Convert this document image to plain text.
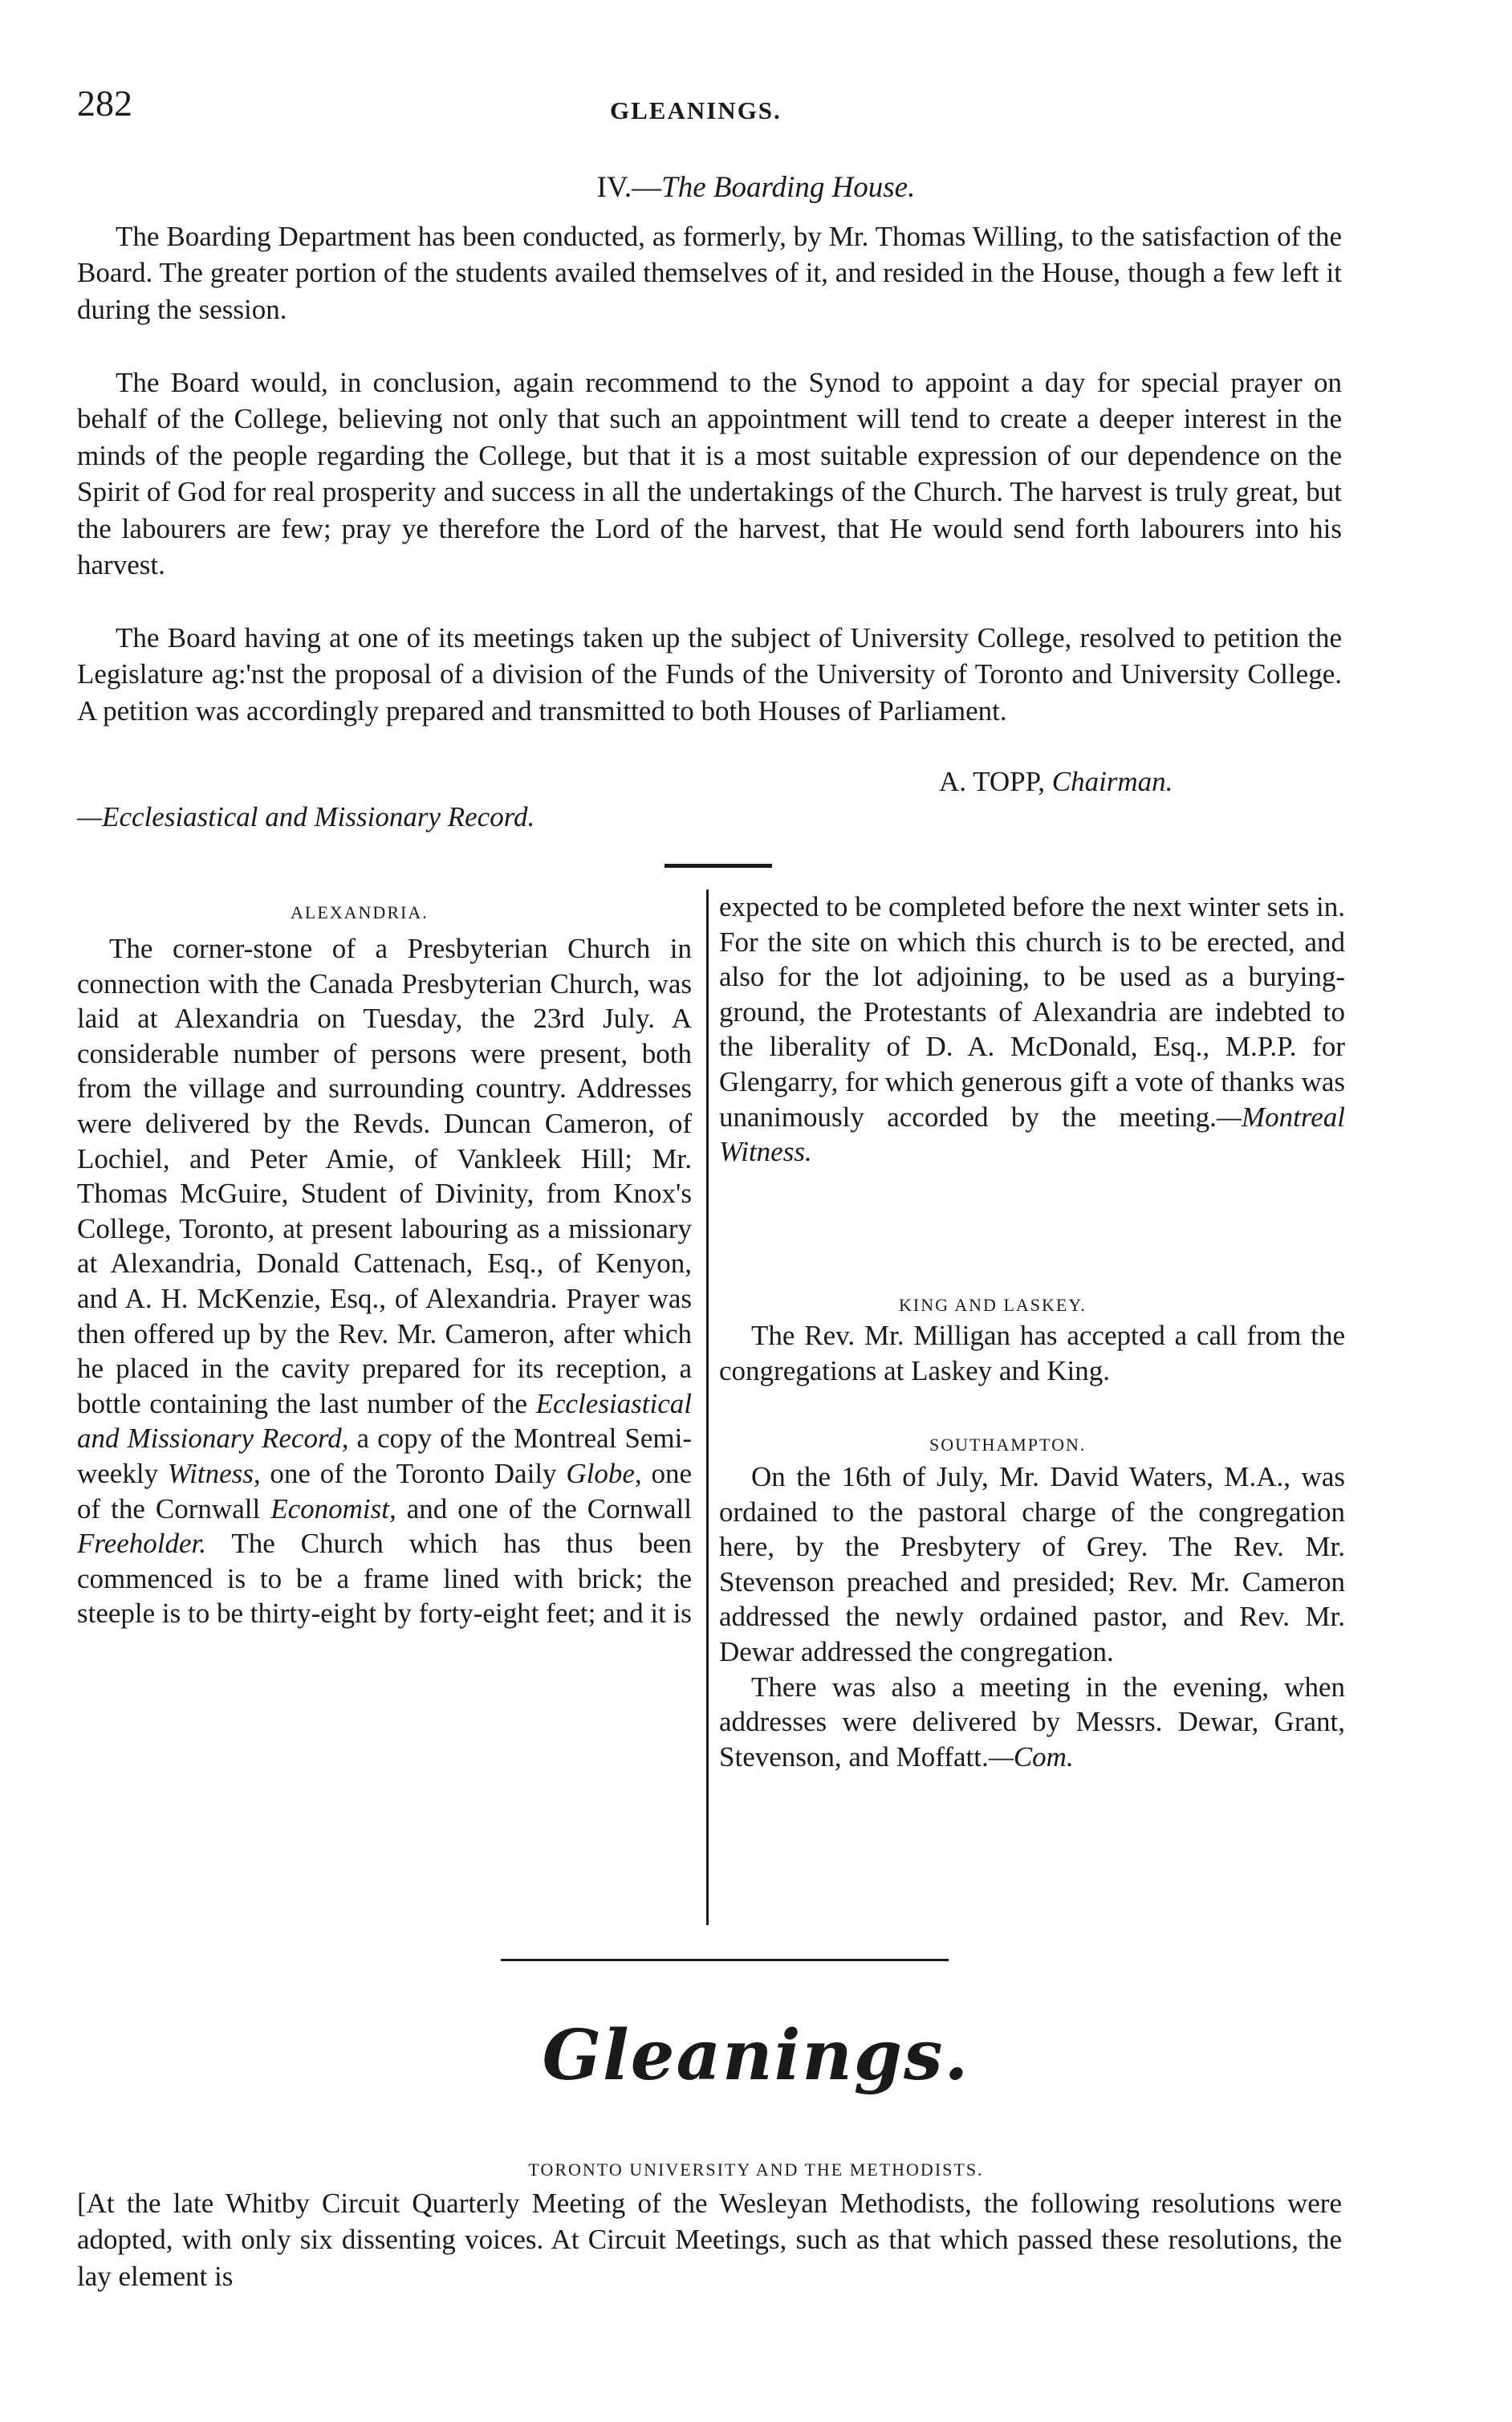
282	GLEANINGS.
IV.—The Boarding House.
The Boarding Department has been conducted, as formerly, by Mr. Thomas Willing, to the satisfaction of the Board. The greater portion of the students availed themselves of it, and resided in the House, though a few left it during the session.
The Board would, in conclusion, again recommend to the Synod to appoint a day for special prayer on behalf of the College, believing not only that such an appointment will tend to create a deeper interest in the minds of the people regarding the College, but that it is a most suitable expression of our dependence on the Spirit of God for real prosperity and success in all the undertakings of the Church. The harvest is truly great, but the labourers are few; pray ye therefore the Lord of the harvest, that He would send forth labourers into his harvest.
The Board having at one of its meetings taken up the subject of University College, resolved to petition the Legislature ag:'nst the proposal of a division of the Funds of the University of Toronto and University College. A petition was accordingly prepared and transmitted to both Houses of Parliament.
A. TOPP, Chairman.
—Ecclesiastical and Missionary Record.
ALEXANDRIA.
The corner-stone of a Presbyterian Church in connection with the Canada Presbyterian Church, was laid at Alexandria on Tuesday, the 23rd July. A considerable number of persons were present, both from the village and surrounding country. Addresses were delivered by the Revds. Duncan Cameron, of Lochiel, and Peter Amie, of Vankleek Hill; Mr. Thomas McGuire, Student of Divinity, from Knox's College, Toronto, at present labouring as a missionary at Alexandria, Donald Cattenach, Esq., of Kenyon, and A. H. McKenzie, Esq., of Alexandria. Prayer was then offered up by the Rev. Mr. Cameron, after which he placed in the cavity prepared for its reception, a bottle containing the last number of the Ecclesiastical and Missionary Record, a copy of the Montreal Semi-weekly Witness, one of the Toronto Daily Globe, one of the Cornwall Economist, and one of the Cornwall Freeholder. The Church which has thus been commenced is to be a frame lined with brick; the steeple is to be thirty-eight by forty-eight feet; and it is
expected to be completed before the next winter sets in. For the site on which this church is to be erected, and also for the lot adjoining, to be used as a burying-ground, the Protestants of Alexandria are indebted to the liberality of D. A. McDonald, Esq., M.P.P. for Glengarry, for which generous gift a vote of thanks was unanimously accorded by the meeting.—Montreal Witness.
KING AND LASKEY.
The Rev. Mr. Milligan has accepted a call from the congregations at Laskey and King.
SOUTHAMPTON.
On the 16th of July, Mr. David Waters, M.A., was ordained to the pastoral charge of the congregation here, by the Presbytery of Grey. The Rev. Mr. Stevenson preached and presided; Rev. Mr. Cameron addressed the newly ordained pastor, and Rev. Mr. Dewar addressed the congregation.
There was also a meeting in the evening, when addresses were delivered by Messrs. Dewar, Grant, Stevenson, and Moffatt.—Com.
Gleanings.
TORONTO UNIVERSITY AND THE METHODISTS.
[At the late Whitby Circuit Quarterly Meeting of the Wesleyan Methodists, the following resolutions were adopted, with only six dissenting voices. At Circuit Meetings, such as that which passed these resolutions, the lay element is
